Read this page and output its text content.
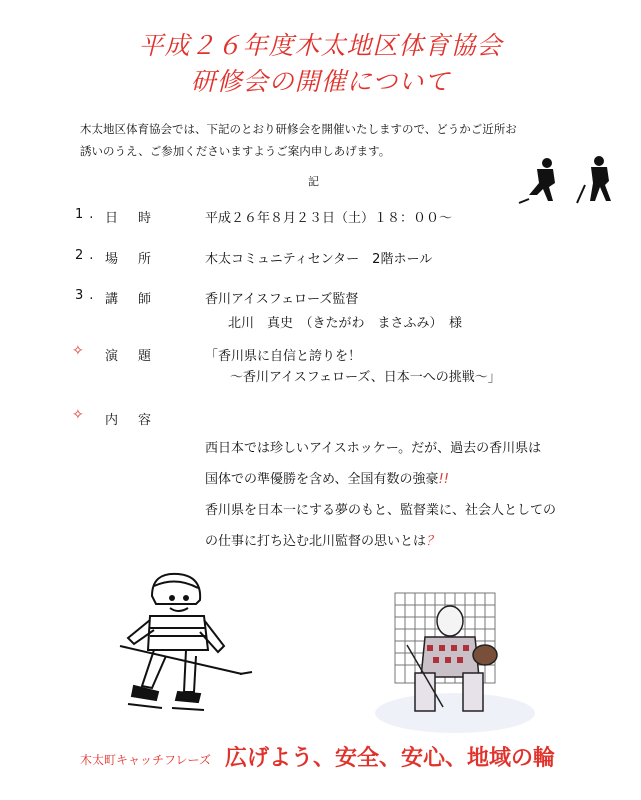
平成２６年度木太地区体育協会
研修会の開催について
木太地区体育協会では、下記のとおり研修会を開催いたしますので、どうかご近所お
誘いのうえ、ご参加くださいますようご案内申しあげます。
記
1. 日時	平成２６年８月２３日（土）１８：００～
2. 場所	木太コミュニティセンター　2階ホール
3. 講師	香川アイスフェローズ監督
北川　真史　（きたがわ　まさふみ）　様
✧ 演題	「香川県に自信と誇りを！
～香川アイスフェローズ、日本一への挑戦～」
✧ 内容
西日本では珍しいアイスホッケー。だが、過去の香川県は
国体での準優勝を含め、全国有数の強豪!!
香川県を日本一にする夢のもと、監督業に、社会人としての
の仕事に打ち込む北川監督の思いとは？
木太町キャッチフレーズ 広げよう、安全、安心、地域の輪
